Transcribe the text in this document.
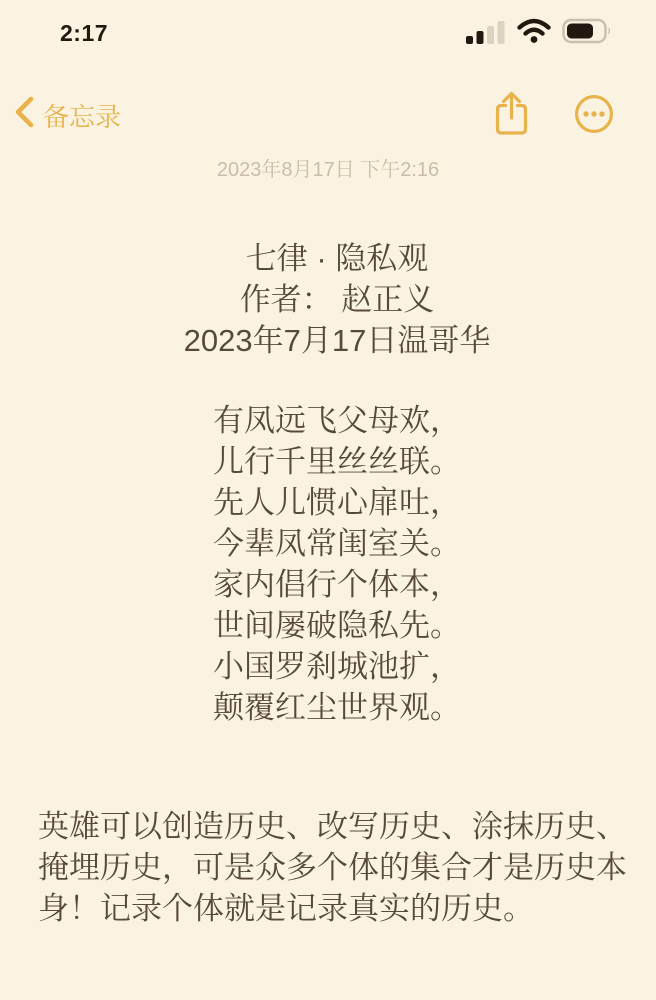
2:17
备忘录
2023年8月17日 下午2:16
七律 · 隐私观
作者： 赵正义
2023年7月17日温哥华
有凤远飞父母欢，
儿行千里丝丝联。
先人儿惯心扉吐，
今辈凤常闺室关。
家内倡行个体本，
世间屡破隐私先。
小国罗刹城池扩，
颠覆红尘世界观。
英雄可以创造历史、改写历史、涂抹历史、
掩埋历史，可是众多个体的集合才是历史本
身！记录个体就是记录真实的历史。
